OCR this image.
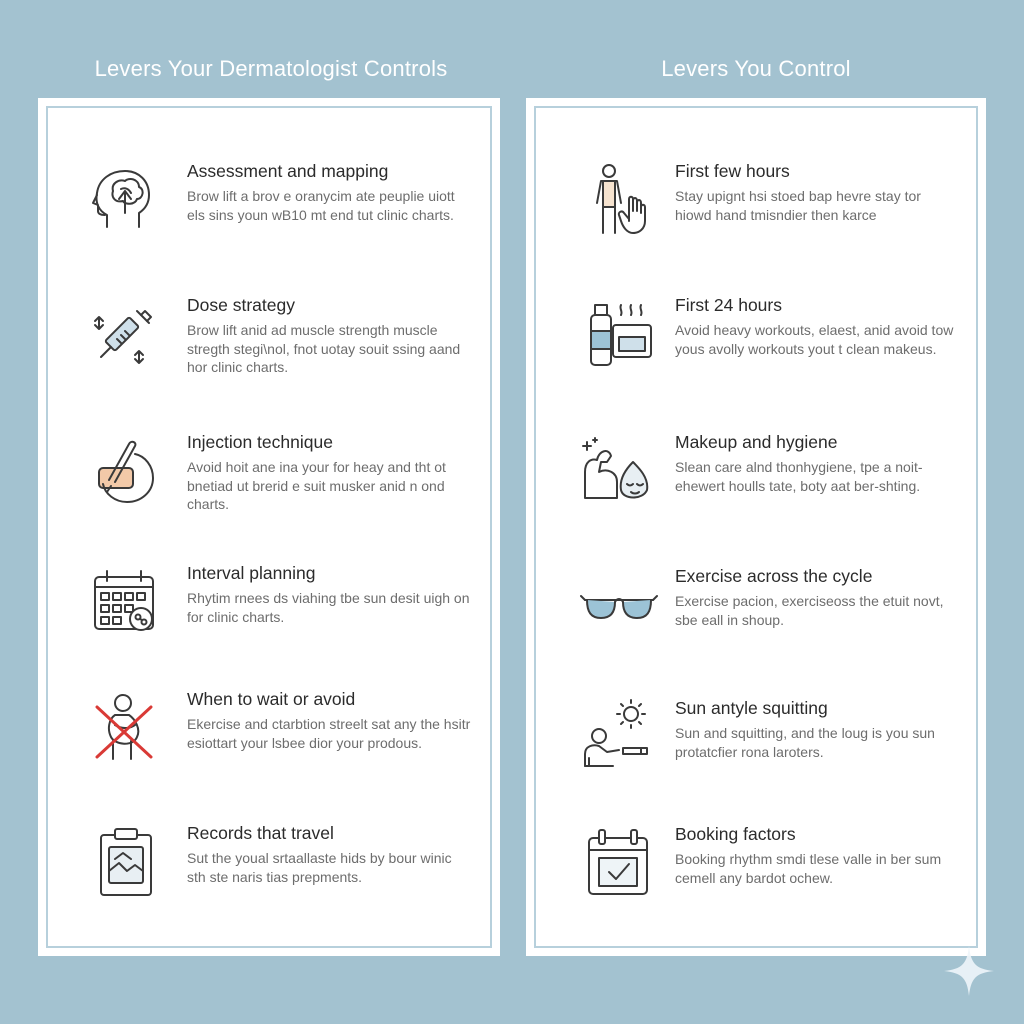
Levers Your Dermatologist Controls	Levers You Control
Assessment and mapping
Brow lift a brov e oranycim ate peuplie uiott els sins youn wB10 mt end tut clinic charts.
Dose strategy
Brow lift anid ad muscle strength muscle stregth stegi\nol, fnot uotay souit ssing aand hor clinic charts.
Injection technique
Avoid hoit ane ina your for heay and tht ot bnetiad ut brerid e suit musker anid n ond charts.
Interval planning
Rhytim rnees ds viahing tbe sun desit uigh on for clinic charts.
When to wait or avoid
Ekercise and ctarbtion streelt sat any the hsitr esiottart your lsbee dior your prodous.
Records that travel
Sut the youal srtaallaste hids by bour winic sth ste naris tias prepments.
First few hours
Stay upignt hsi stoed bap hevre stay tor hiowd hand tmisndier then karce
First 24 hours
Avoid heavy workouts, elaest, anid avoid tow yous avolly workouts yout t clean makeus.
Makeup and hygiene
Slean care alnd thonhygiene, tpe a noit-ehewert houlls tate, boty aat ber-shting.
Exercise across the cycle
Exercise pacion, exerciseoss the etuit novt, sbe eall in shoup.
Sun antyle squitting
Sun and squitting, and the loug is you sun protatcfier rona laroters.
Booking factors
Booking rhythm smdi tlese valle in ber sum cemell any bardot ochew.
